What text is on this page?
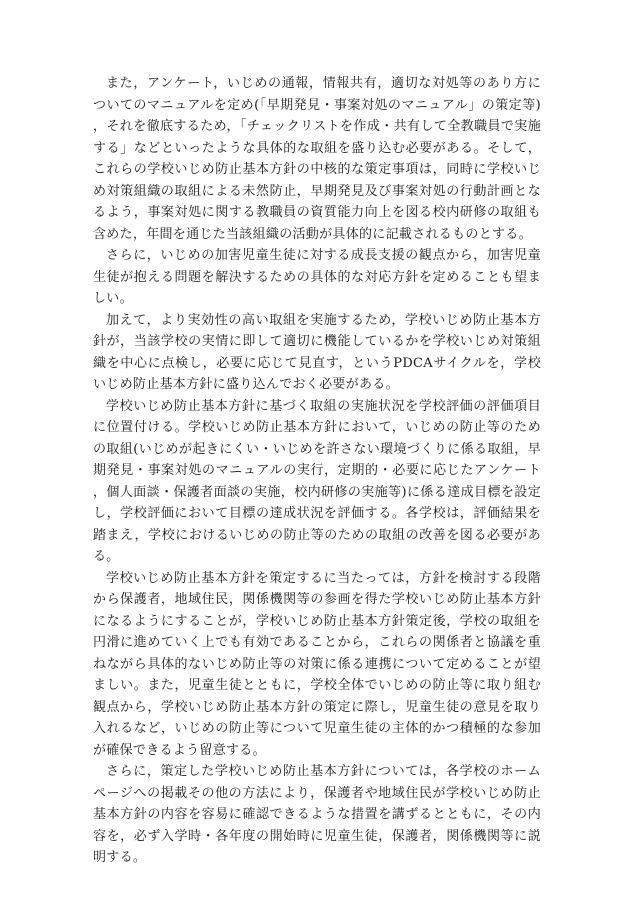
また，アンケート，いじめの通報，情報共有，適切な対処等のあり方についてのマニュアルを定め(「早期発見・事案対処のマニュアル」の策定等)，それを徹底するため，「チェックリストを作成・共有して全教職員で実施する」などといったような具体的な取組を盛り込む必要がある。そして，これらの学校いじめ防止基本方針の中核的な策定事項は，同時に学校いじめ対策組織の取組による未然防止，早期発見及び事案対処の行動計画となるよう，事案対処に関する教職員の資質能力向上を図る校内研修の取組も含めた，年間を通じた当該組織の活動が具体的に記載されるものとする。

さらに，いじめの加害児童生徒に対する成長支援の観点から，加害児童生徒が抱える問題を解決するための具体的な対応方針を定めることも望ましい。

加えて，より実効性の高い取組を実施するため，学校いじめ防止基本方針が，当該学校の実情に即して適切に機能しているかを学校いじめ対策組織を中心に点検し，必要に応じて見直す，というPDCAサイクルを，学校いじめ防止基本方針に盛り込んでおく必要がある。

学校いじめ防止基本方針に基づく取組の実施状況を学校評価の評価項目に位置付ける。学校いじめ防止基本方針において，いじめの防止等のための取組(いじめが起きにくい・いじめを許さない環境づくりに係る取組，早期発見・事案対処のマニュアルの実行，定期的・必要に応じたアンケート，個人面談・保護者面談の実施，校内研修の実施等)に係る達成目標を設定し，学校評価において目標の達成状況を評価する。各学校は，評価結果を踏まえ，学校におけるいじめの防止等のための取組の改善を図る必要がある。

学校いじめ防止基本方針を策定するに当たっては，方針を検討する段階から保護者，地域住民，関係機関等の参画を得た学校いじめ防止基本方針になるようにすることが，学校いじめ防止基本方針策定後，学校の取組を円滑に進めていく上でも有効であることから，これらの関係者と協議を重ねながら具体的ないじめ防止等の対策に係る連携について定めることが望ましい。また，児童生徒とともに，学校全体でいじめの防止等に取り組む観点から，学校いじめ防止基本方針の策定に際し，児童生徒の意見を取り入れるなど，いじめの防止等について児童生徒の主体的かつ積極的な参加が確保できるよう留意する。

さらに，策定した学校いじめ防止基本方針については，各学校のホームページへの掲載その他の方法により，保護者や地域住民が学校いじめ防止基本方針の内容を容易に確認できるような措置を講ずるとともに，その内容を，必ず入学時・各年度の開始時に児童生徒，保護者，関係機関等に説明する。
